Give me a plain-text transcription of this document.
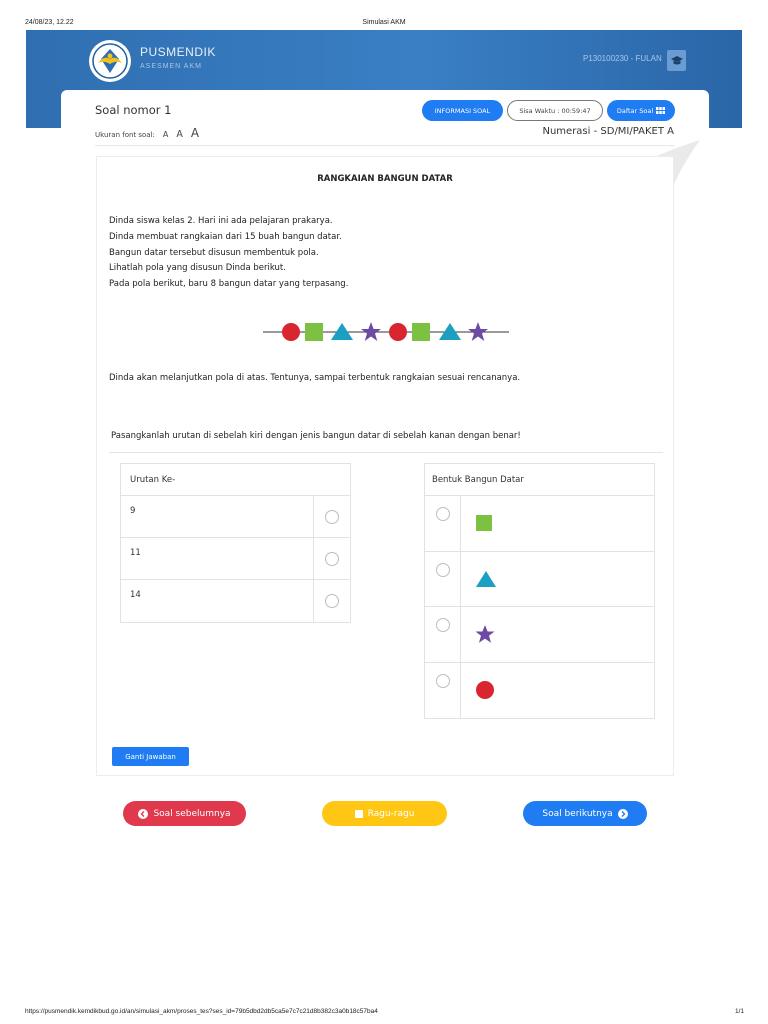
24/08/23, 12.22	Simulasi AKM
PUSMENDIK
ASESMEN AKM
P130100230 - FULAN
Soal nomor 1
Ukuran font soal: A A A
INFORMASI SOAL	Sisa Waktu : 00:59:47	Daftar Soal
Numerasi - SD/MI/PAKET A
RANGKAIAN BANGUN DATAR
Dinda siswa kelas 2. Hari ini ada pelajaran prakarya.
Dinda membuat rangkaian dari 15 buah bangun datar.
Bangun datar tersebut disusun membentuk pola.
Lihatlah pola yang disusun Dinda berikut.
Pada pola berikut, baru 8 bangun datar yang terpasang.
Dinda akan melanjutkan pola di atas. Tentunya, sampai terbentuk rangkaian sesuai rencananya.
Pasangkanlah urutan di sebelah kiri dengan jenis bangun datar di sebelah kanan dengan benar!
Urutan Ke-
9
11
14
Bentuk Bangun Datar
Ganti Jawaban
Soal sebelumnya	Ragu-ragu	Soal berikutnya
https://pusmendik.kemdikbud.go.id/an/simulasi_akm/proses_tes?ses_id=79b5dbd2db5ca5e7c7c21d8b382c3a0b18c57ba4	1/1
